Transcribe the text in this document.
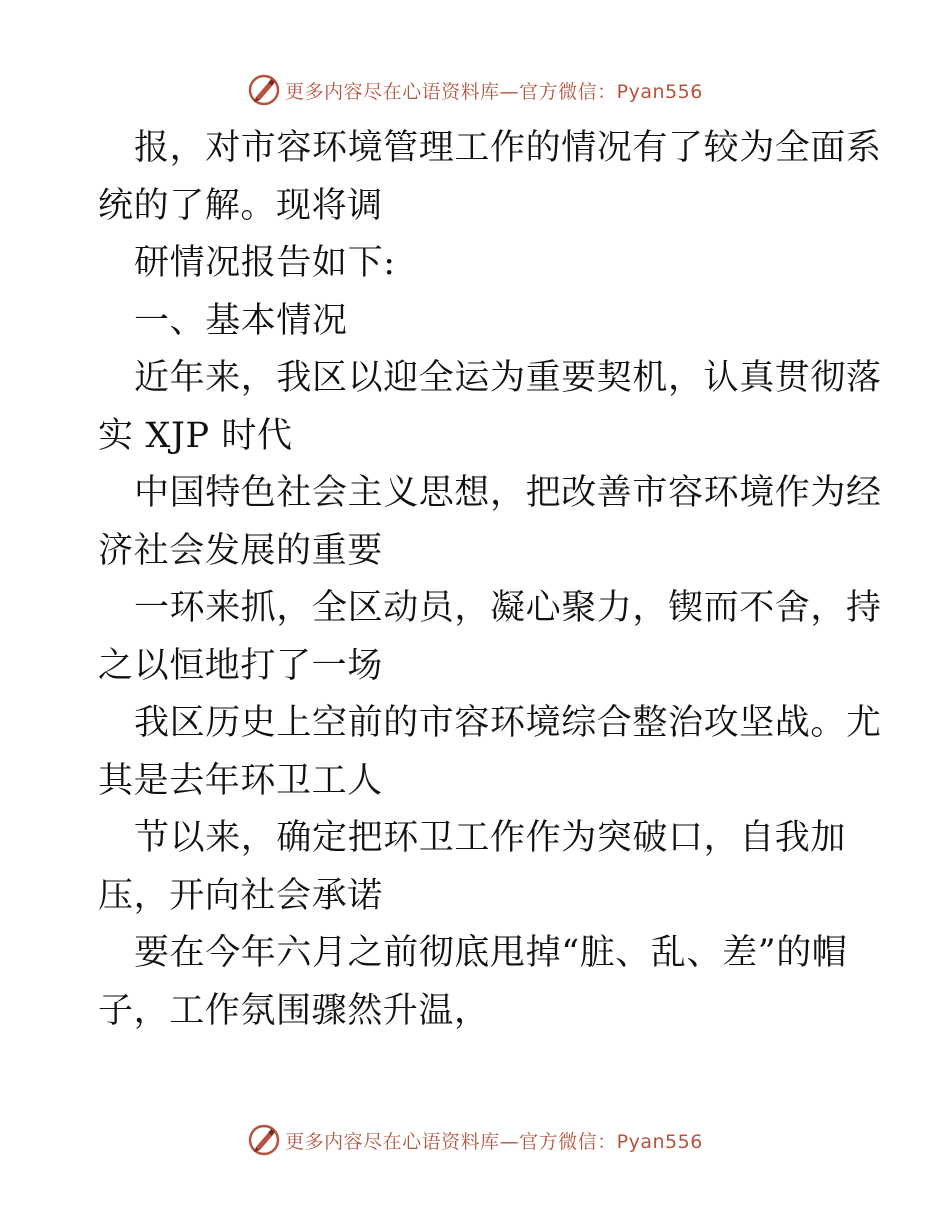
更多内容尽在心语资料库—官方微信：Pyan556
报，对市容环境管理工作的情况有了较为全面系
统的了解。现将调
研情况报告如下:
一、基本情况
近年来，我区以迎全运为重要契机，认真贯彻落
实 XJP 时代
中国特色社会主义思想，把改善市容环境作为经
济社会发展的重要
一环来抓，全区动员，凝心聚力，锲而不舍，持
之以恒地打了一场
我区历史上空前的市容环境综合整治攻坚战。尤
其是去年环卫工人
节以来，确定把环卫工作作为突破口，自我加
压，开向社会承诺
要在今年六月之前彻底甩掉“脏、乱、差”的帽
子，工作氛围骤然升温，
更多内容尽在心语资料库—官方微信：Pyan556
